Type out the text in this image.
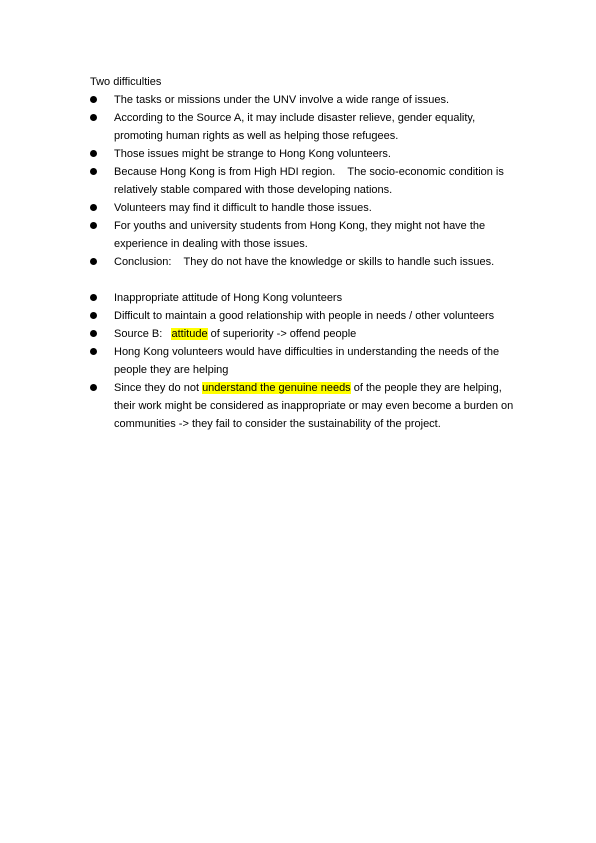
Two difficulties
The tasks or missions under the UNV involve a wide range of issues.
According to the Source A, it may include disaster relieve, gender equality, promoting human rights as well as helping those refugees.
Those issues might be strange to Hong Kong volunteers.
Because Hong Kong is from High HDI region.    The socio-economic condition is relatively stable compared with those developing nations.
Volunteers may find it difficult to handle those issues.
For youths and university students from Hong Kong, they might not have the experience in dealing with those issues.
Conclusion:    They do not have the knowledge or skills to handle such issues.
Inappropriate attitude of Hong Kong volunteers
Difficult to maintain a good relationship with people in needs / other volunteers
Source B:   attitude of superiority -> offend people
Hong Kong volunteers would have difficulties in understanding the needs of the people they are helping
Since they do not understand the genuine needs of the people they are helping, their work might be considered as inappropriate or may even become a burden on communities -> they fail to consider the sustainability of the project.
